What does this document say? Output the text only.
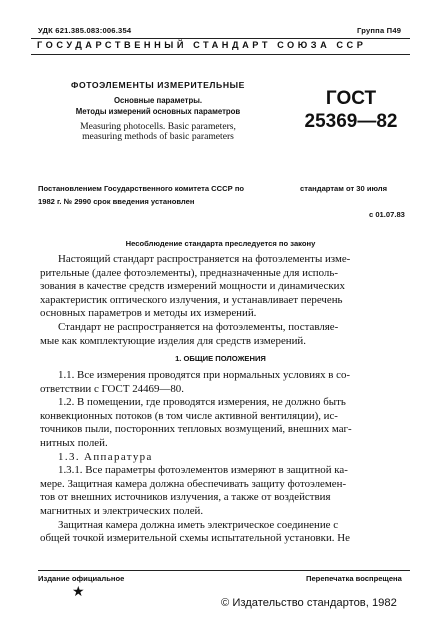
УДК 621.385.083:006.354	Группа П49
ГОСУДАРСТВЕННЫЙ СТАНДАРТ СОЮЗА ССР
ФОТОЭЛЕМЕНТЫ ИЗМЕРИТЕЛЬНЫЕ
Основные параметры.
Методы измерений основных параметров
Measuring photocells. Basic parameters,
measuring methods of basic parameters
ГОСТ
25369—82
Постановлением Государственного комитета СССР по	стандартам от 30 июля
1982 г. № 2990 срок введения установлен
с 01.07.83
Несоблюдение стандарта преследуется по закону
Настоящий стандарт распространяется на фотоэлементы изме-
рительные (далее фотоэлементы), предназначенные для исполь-
зования в качестве средств измерений мощности и динамических
характеристик оптического излучения, и устанавливает перечень
основных параметров и методы их измерений.
Стандарт не распространяется на фотоэлементы, поставляе-
мые как комплектующие изделия для средств измерений.
1. ОБЩИЕ ПОЛОЖЕНИЯ
1.1. Все измерения проводятся при нормальных условиях в со-
ответствии с ГОСТ 24469—80.
1.2. В помещении, где проводятся измерения, не должно быть
конвекционных потоков (в том числе активной вентиляции), ис-
точников пыли, посторонних тепловых возмущений, внешних маг-
нитных полей.
1.3. Аппаратура
1.3.1. Все параметры фотоэлементов измеряют в защитной ка-
мере. Защитная камера должна обеспечивать защиту фотоэлемен-
тов от внешних источников излучения, а также от воздействия
магнитных и электрических полей.
Защитная камера должна иметь электрическое соединение с
общей точкой измерительной схемы испытательной установки. Не
Издание официальное	Перепечатка воспрещена
★
© Издательство стандартов, 1982
